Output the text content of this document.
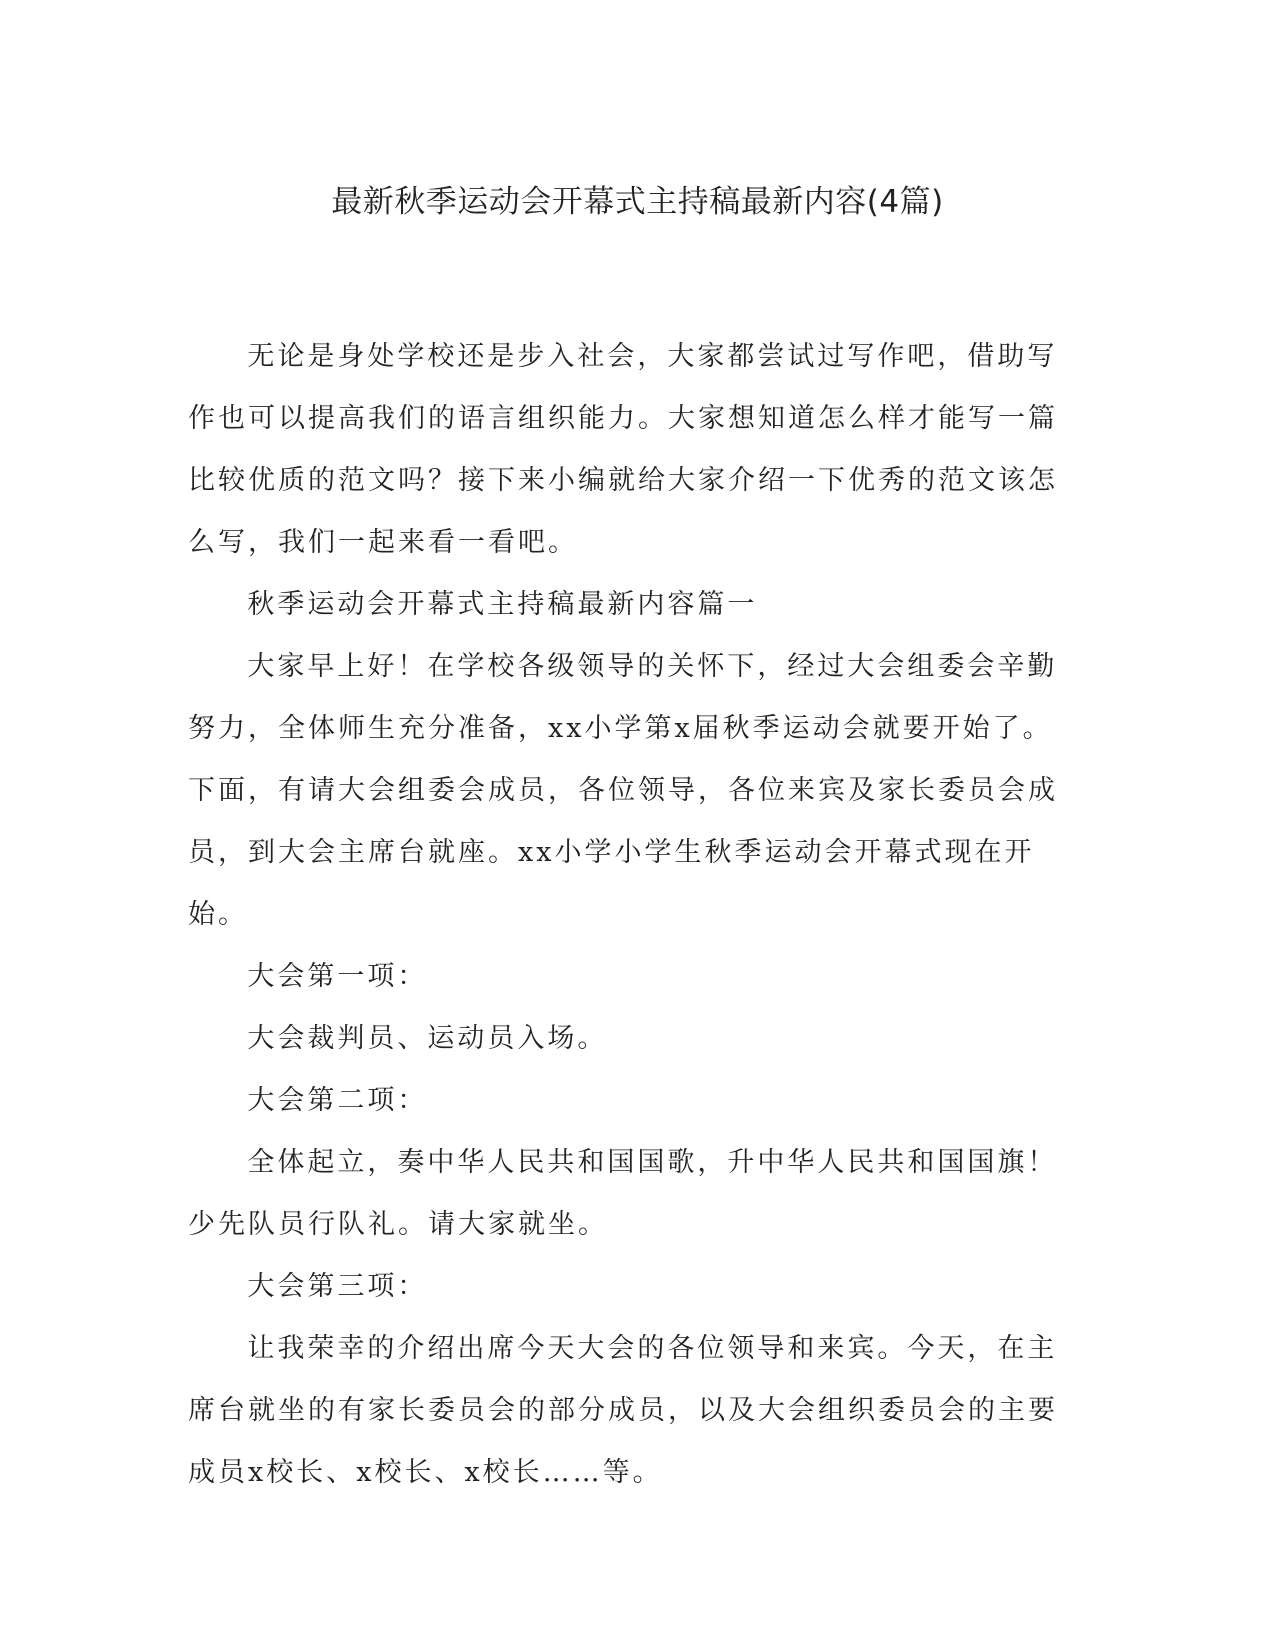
最新秋季运动会开幕式主持稿最新内容(4篇)

无论是身处学校还是步入社会，大家都尝试过写作吧，借助写作也可以提高我们的语言组织能力。大家想知道怎么样才能写一篇比较优质的范文吗？接下来小编就给大家介绍一下优秀的范文该怎么写，我们一起来看一看吧。

秋季运动会开幕式主持稿最新内容篇一

大家早上好！在学校各级领导的关怀下，经过大会组委会辛勤努力，全体师生充分准备，xx小学第x届秋季运动会就要开始了。下面，有请大会组委会成员，各位领导，各位来宾及家长委员会成员，到大会主席台就座。xx小学小学生秋季运动会开幕式现在开始。

大会第一项：

大会裁判员、运动员入场。

大会第二项：

全体起立，奏中华人民共和国国歌，升中华人民共和国国旗！少先队员行队礼。请大家就坐。

大会第三项：

让我荣幸的介绍出席今天大会的各位领导和来宾。今天，在主席台就坐的有家长委员会的部分成员，以及大会组织委员会的主要成员x校长、x校长、x校长……等。
